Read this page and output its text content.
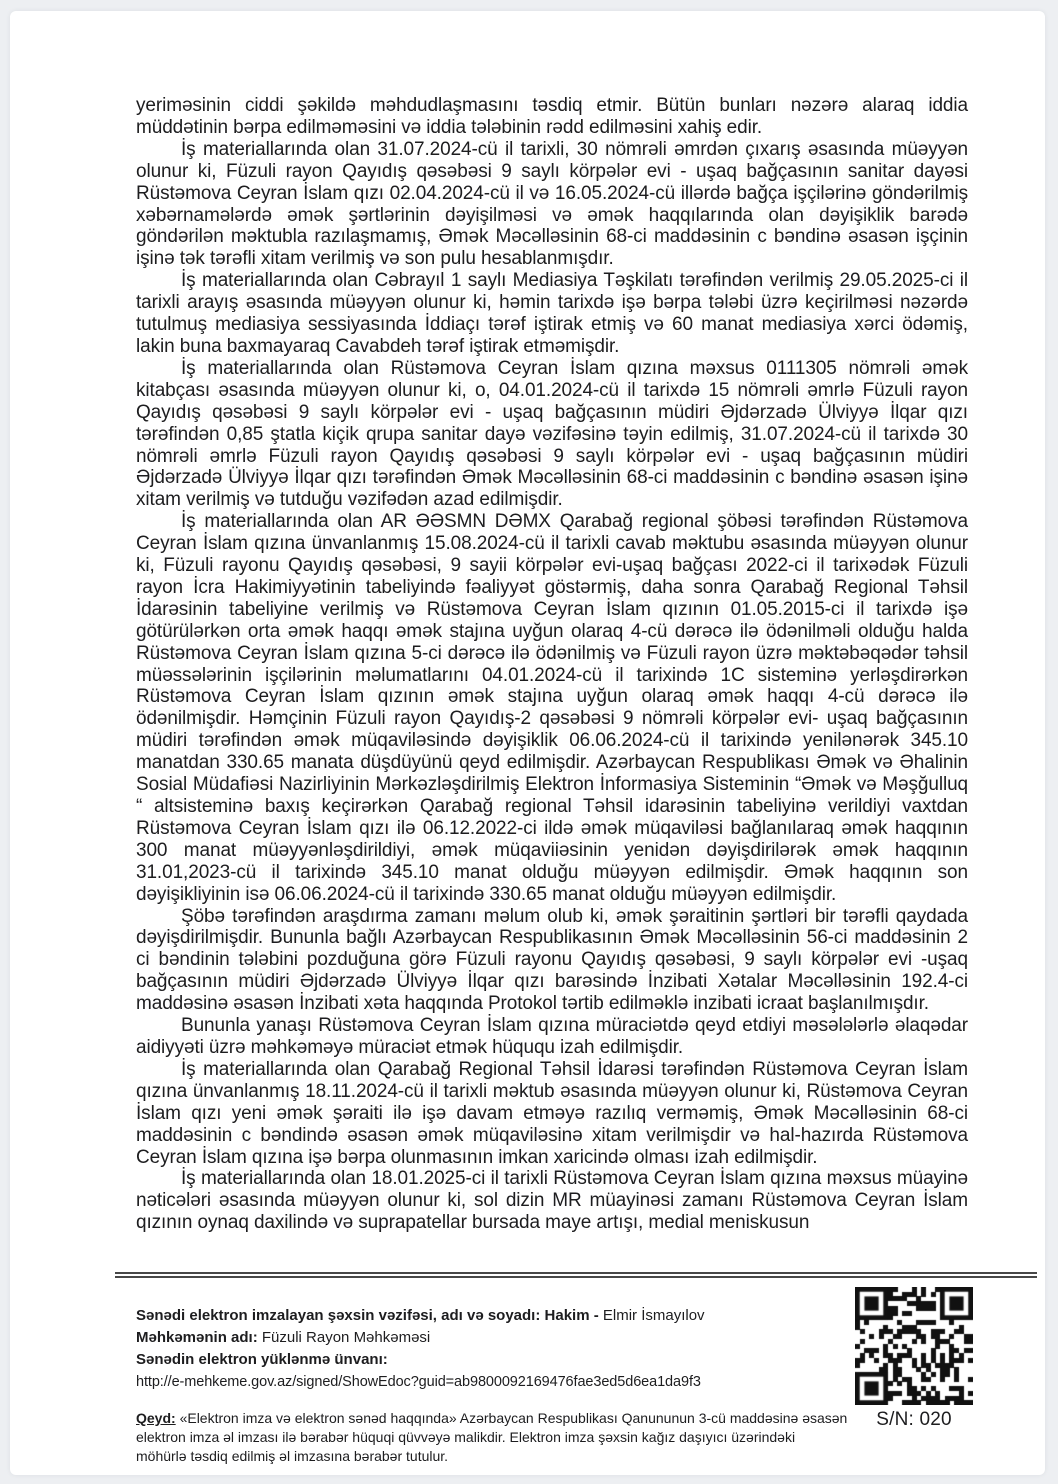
yeriməsinin ciddi şəkildə məhdudlaşmasını təsdiq etmir. Bütün bunları nəzərə alaraq iddia müddətinin bərpa edilməməsini və iddia tələbinin rədd edilməsini xahiş edir.

İş materiallarında olan 31.07.2024-cü il tarixli, 30 nömrəli əmrdən çıxarış əsasında müəyyən olunur ki, Füzuli rayon Qayıdış qəsəbəsi 9 saylı körpələr evi - uşaq bağçasının sanitar dayəsi Rüstəmova Ceyran İslam qızı 02.04.2024-cü il və 16.05.2024-cü illərdə bağça işçilərinə göndərilmiş xəbərnamələrdə əmək şərtlərinin dəyişilməsi və əmək haqqılarında olan dəyişiklik barədə göndərilən məktubla razılaşmamış, Əmək Məcəlləsinin 68-ci maddəsinin c bəndinə əsasən işçinin işinə tək tərəfli xitam verilmiş və son pulu hesablanmışdır.

İş materiallarında olan Cəbrayıl 1 saylı Mediasiya Təşkilatı tərəfindən verilmiş 29.05.2025-ci il tarixli arayış əsasında müəyyən olunur ki, həmin tarixdə işə bərpa tələbi üzrə keçirilməsi nəzərdə tutulmuş mediasiya sessiyasında İddiaçı tərəf iştirak etmiş və 60 manat mediasiya xərci ödəmiş, lakin buna baxmayaraq Cavabdeh tərəf iştirak etməmişdir.

İş materiallarında olan Rüstəmova Ceyran İslam qızına məxsus 0111305 nömrəli əmək kitabçası əsasında müəyyən olunur ki, o, 04.01.2024-cü il tarixdə 15 nömrəli əmrlə Füzuli rayon Qayıdış qəsəbəsi 9 saylı körpələr evi - uşaq bağçasının müdiri Əjdərzadə Ülviyyə İlqar qızı tərəfindən 0,85 ştatla kiçik qrupa sanitar dayə vəzifəsinə təyin edilmiş, 31.07.2024-cü il tarixdə 30 nömrəli əmrlə Füzuli rayon Qayıdış qəsəbəsi 9 saylı körpələr evi - uşaq bağçasının müdiri Əjdərzadə Ülviyyə İlqar qızı tərəfindən Əmək Məcəlləsinin 68-ci maddəsinin c bəndinə əsasən işinə xitam verilmiş və tutduğu vəzifədən azad edilmişdir.

İş materiallarında olan AR ƏƏSMN DƏMX Qarabağ regional şöbəsi tərəfindən Rüstəmova Ceyran İslam qızına ünvanlanmış 15.08.2024-cü il tarixli cavab məktubu əsasında müəyyən olunur ki, Füzuli rayonu Qayıdış qəsəbəsi, 9 sayii körpələr evi-uşaq bağçası 2022-ci il tarixədək Füzuli rayon İcra Hakimiyyətinin tabeliyində fəaliyyət göstərmiş, daha sonra Qarabağ Regional Təhsil İdarəsinin tabeliyine verilmiş və Rüstəmova Ceyran İslam qızının 01.05.2015-ci il tarixdə işə götürülərkən orta əmək haqqı əmək stajına uyğun olaraq 4-cü dərəcə ilə ödənilməli olduğu halda Rüstəmova Ceyran İslam qızına 5-ci dərəcə ilə ödənilmiş və Füzuli rayon üzrə məktəbəqədər təhsil müəssələrinin işçilərinin məlumatlarını 04.01.2024-cü il tarixində 1C sisteminə yerləşdirərkən Rüstəmova Ceyran İslam qızının əmək stajına uyğun olaraq əmək haqqı 4-cü dərəcə ilə ödənilmişdir. Həmçinin Füzuli rayon Qayıdış-2 qəsəbəsi 9 nömrəli körpələr evi- uşaq bağçasının müdiri tərəfindən əmək müqaviləsində dəyişiklik 06.06.2024-cü il tarixində yenilənərək 345.10 manatdan 330.65 manata düşdüyünü qeyd edilmişdir. Azərbaycan Respublikası Əmək və Əhalinin Sosial Müdafiəsi Nazirliyinin Mərkəzləşdirilmiş Elektron İnformasiya Sisteminin “Əmək və Məşğulluq “ altsisteminə baxış keçirərkən Qarabağ regional Təhsil idarəsinin tabeliyinə verildiyi vaxtdan Rüstəmova Ceyran İslam qızı ilə 06.12.2022-ci ildə əmək müqaviləsi bağlanılaraq əmək haqqının 300 manat müəyyənləşdirildiyi, əmək müqaviiəsinin yenidən dəyişdirilərək əmək haqqının 31.01,2023-cü il tarixində 345.10 manat olduğu müəyyən edilmişdir. Əmək haqqının son dəyişikliyinin isə 06.06.2024-cü il tarixində 330.65 manat olduğu müəyyən edilmişdir.

Şöbə tərəfindən araşdırma zamanı məlum olub ki, əmək şəraitinin şərtləri bir tərəfli qaydada dəyişdirilmişdir. Bununla bağlı Azərbaycan Respublikasının Əmək Məcəlləsinin 56-ci maddəsinin 2 ci bəndinin tələbini pozduğuna görə Füzuli rayonu Qayıdış qəsəbəsi, 9 saylı körpələr evi -uşaq bağçasının müdiri Əjdərzadə Ülviyyə İlqar qızı barəsində İnzibati Xətalar Məcəlləsinin 192.4-ci maddəsinə əsasən İnzibati xəta haqqında Protokol tərtib edilməklə inzibati icraat başlanılmışdır.

Bununla yanaşı Rüstəmova Ceyran İslam qızına müraciətdə qeyd etdiyi məsələlərlə əlaqədar aidiyyəti üzrə məhkəməyə müraciət etmək hüququ izah edilmişdir.

İş materiallarında olan Qarabağ Regional Təhsil İdarəsi tərəfindən Rüstəmova Ceyran İslam qızına ünvanlanmış 18.11.2024-cü il tarixli məktub əsasında müəyyən olunur ki, Rüstəmova Ceyran İslam qızı yeni əmək şəraiti ilə işə davam etməyə razılıq verməmiş, Əmək Məcəlləsinin 68-ci maddəsinin c bəndində əsasən əmək müqaviləsinə xitam verilmişdir və hal-hazırda Rüstəmova Ceyran İslam qızına işə bərpa olunmasının imkan xaricində olması izah edilmişdir.

İş materiallarında olan 18.01.2025-ci il tarixli Rüstəmova Ceyran İslam qızına məxsus müayinə nəticələri əsasında müəyyən olunur ki, sol dizin MR müayinəsi zamanı Rüstəmova Ceyran İslam qızının oynaq daxilində və suprapatellar bursada maye artışı, medial meniskusun

Sənədi elektron imzalayan şəxsin vəzifəsi, adı və soyadı: Hakim - Elmir İsmayılov
Məhkəmənin adı: Füzuli Rayon Məhkəməsi
Sənədin elektron yüklənmə ünvanı:
http://e-mehkeme.gov.az/signed/ShowEdoc?guid=ab9800092169476fae3ed5d6ea1da9f3
Qeyd: «Elektron imza və elektron sənəd haqqında» Azərbaycan Respublikası Qanununun 3-cü maddəsinə əsasən elektron imza əl imzası ilə bərabər hüquqi qüvvəyə malikdir. Elektron imza şəxsin kağız daşıyıcı üzərindəki möhürlə təsdiq edilmiş əl imzasına bərabər tutulur.
S/N: 020
